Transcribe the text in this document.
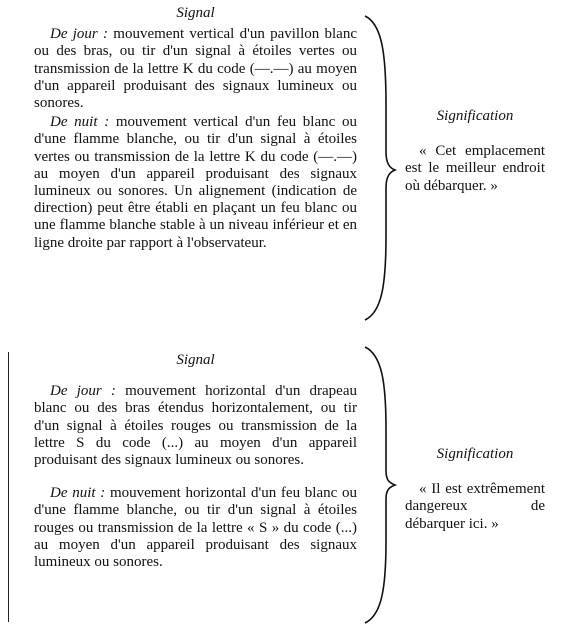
Signal

De jour : mouvement vertical d'un pavillon blanc ou des bras, ou tir d'un signal à étoiles vertes ou transmission de la lettre K du code (—.—) au moyen d'un appareil produisant des signaux lumineux ou sonores.

De nuit : mouvement vertical d'un feu blanc ou d'une flamme blanche, ou tir d'un signal à étoiles vertes ou transmission de la lettre K du code (—.—) au moyen d'un appareil produisant des signaux lumineux ou sonores. Un alignement (indication de direction) peut être établi en plaçant un feu blanc ou une flamme blanche stable à un niveau inférieur et en ligne droite par rapport à l'observateur.

Signification
« Cet emplacement est le meilleur endroit où débarquer. »
Signal

De jour : mouvement horizontal d'un drapeau blanc ou des bras étendus horizontalement, ou tir d'un signal à étoiles rouges ou transmission de la lettre S du code (...) au moyen d'un appareil produisant des signaux lumineux ou sonores.

De nuit : mouvement horizontal d'un feu blanc ou d'une flamme blanche, ou tir d'un signal à étoiles rouges ou transmission de la lettre « S » du code (...) au moyen d'un appareil produisant des signaux lumineux ou sonores.

Signification
« Il est extrêmement dangereux de débarquer ici. »
